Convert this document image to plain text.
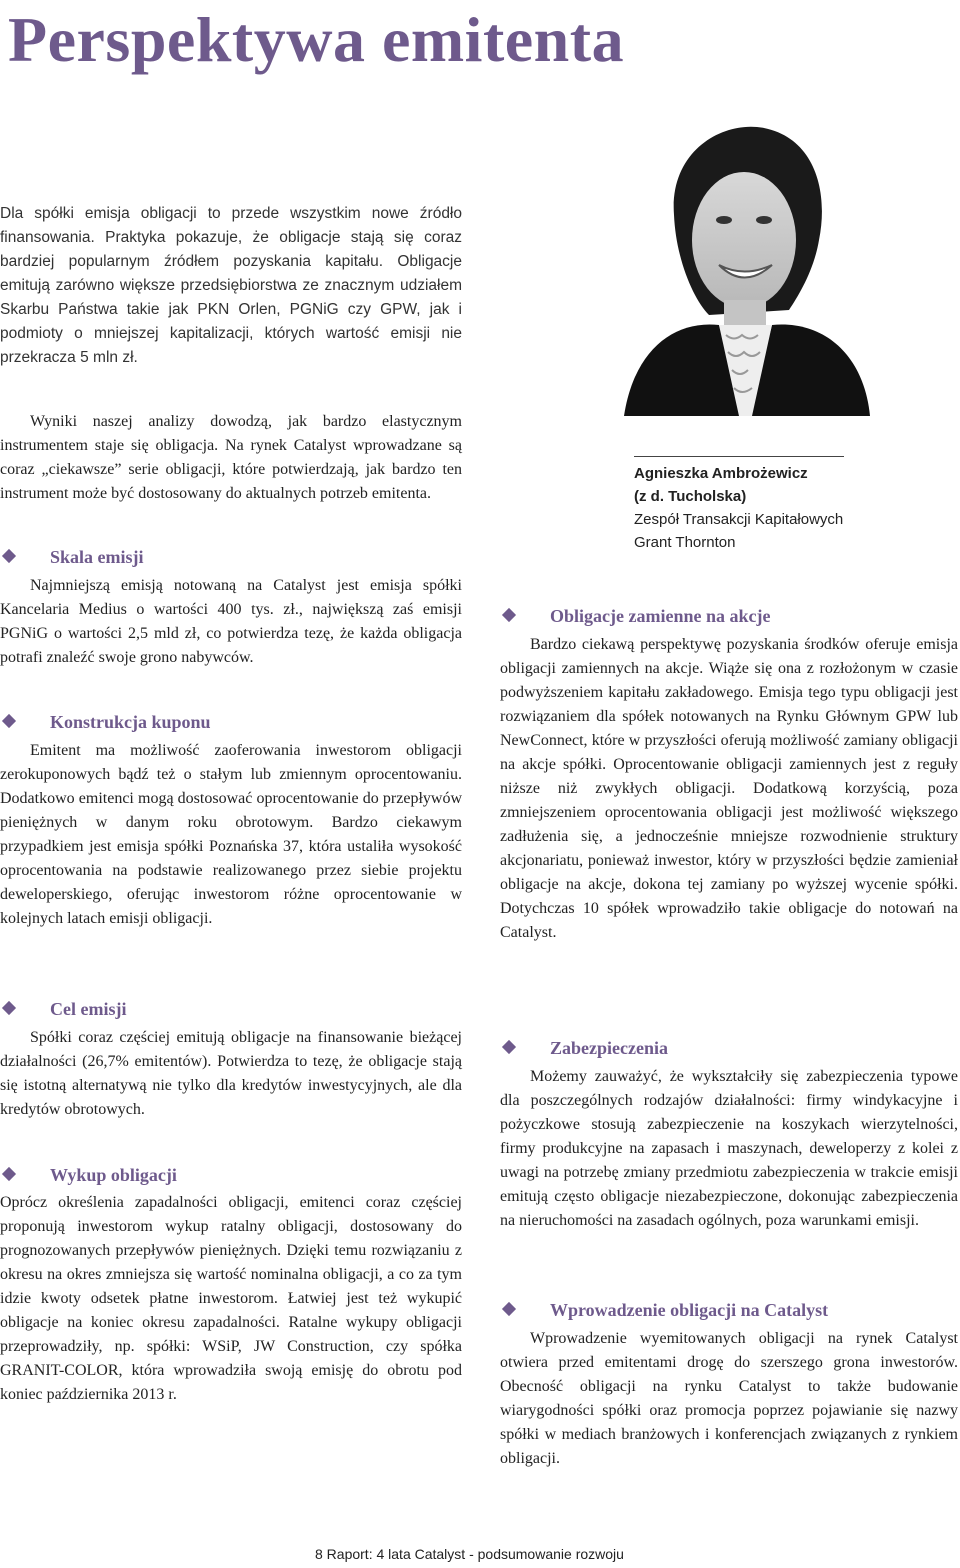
Perspektywa emitenta

Dla spółki emisja obligacji to przede wszystkim nowe źródło finansowania. Praktyka pokazuje, że obligacje stają się coraz bardziej popularnym źródłem pozyskania kapitału. Obligacje emitują zarówno większe przedsiębiorstwa ze znacznym udziałem Skarbu Państwa takie jak PKN Orlen, PGNiG czy GPW, jak i podmioty o mniejszej kapitalizacji, których wartość emisji nie przekracza 5 mln zł.

Wyniki naszej analizy dowodzą, jak bardzo elastycznym instrumentem staje się obligacja. Na rynek Catalyst wprowadzane są coraz „ciekawsze” serie obligacji, które potwierdzają, jak bardzo ten instrument może być dostosowany do aktualnych potrzeb emitenta.

Skala emisji

Najmniejszą emisją notowaną na Catalyst jest emisja spółki Kancelaria Medius o wartości 400 tys. zł., największą zaś emisji PGNiG o wartości 2,5 mld zł, co potwierdza tezę, że każda obligacja potrafi znaleźć swoje grono nabywców.

Konstrukcja kuponu

Emitent ma możliwość zaoferowania inwestorom obligacji zerokuponowych bądź też o stałym lub zmiennym oprocentowaniu. Dodatkowo emitenci mogą dostosować oprocentowanie do przepływów pieniężnych w danym roku obrotowym. Bardzo ciekawym przypadkiem jest emisja spółki Poznańska 37, która ustaliła wysokość oprocentowania na podstawie realizowanego przez siebie projektu deweloperskiego, oferując inwestorom różne oprocentowanie w kolejnych latach emisji obligacji.

Cel emisji

Spółki coraz częściej emitują obligacje na finansowanie bieżącej działalności (26,7% emitentów). Potwierdza to tezę, że obligacje stają się istotną alternatywą nie tylko dla kredytów inwestycyjnych, ale dla kredytów obrotowych.

Wykup obligacji

Oprócz określenia zapadalności obligacji, emitenci coraz częściej proponują inwestorom wykup ratalny obligacji, dostosowany do prognozowanych przepływów pieniężnych. Dzięki temu rozwiązaniu z okresu na okres zmniejsza się wartość nominalna obligacji, a co za tym idzie kwoty odsetek płatne inwestorom. Łatwiej jest też wykupić obligacje na koniec okresu zapadalności. Ratalne wykupy obligacji przeprowadziły, np. spółki: WSiP, JW Construction, czy spółka GRANIT-COLOR, która wprowadziła swoją emisję do obrotu pod koniec października 2013 r.

Agnieszka Ambrożewicz

(z d. Tucholska)

Zespół Transakcji Kapitałowych

Grant Thornton

Obligacje zamienne na akcje

Bardzo ciekawą perspektywę pozyskania środków oferuje emisja obligacji zamiennych na akcje. Wiąże się ona z rozłożonym w czasie podwyższeniem kapitału zakładowego. Emisja tego typu obligacji jest rozwiązaniem dla spółek notowanych na Rynku Głównym GPW lub NewConnect, które w przyszłości oferują możliwość zamiany obligacji na akcje spółki. Oprocentowanie obligacji zamiennych jest z reguły niższe niż zwykłych obligacji. Dodatkową korzyścią, poza zmniejszeniem oprocentowania obligacji jest możliwość większego zadłużenia się, a jednocześnie mniejsze rozwodnienie struktury akcjonariatu, ponieważ inwestor, który w przyszłości będzie zamieniał obligacje na akcje, dokona tej zamiany po wyższej wycenie spółki. Dotychczas 10 spółek wprowadziło takie obligacje do notowań na Catalyst.

Zabezpieczenia

Możemy zauważyć, że wykształciły się zabezpieczenia typowe dla poszczególnych rodzajów działalności: firmy windykacyjne i pożyczkowe stosują zabezpieczenie na koszykach wierzytelności, firmy produkcyjne na zapasach i maszynach, deweloperzy z kolei z uwagi na potrzebę zmiany przedmiotu zabezpieczenia w trakcie emisji emitują często obligacje niezabezpieczone, dokonując zabezpieczenia na nieruchomości na zasadach ogólnych, poza warunkami emisji.

Wprowadzenie obligacji na Catalyst

Wprowadzenie wyemitowanych obligacji na rynek Catalyst otwiera przed emitentami drogę do szerszego grona inwestorów. Obecność obligacji na rynku Catalyst to także budowanie wiarygodności spółki oraz promocja poprzez pojawianie się nazwy spółki w mediach branżowych i konferencjach związanych z rynkiem obligacji.

8 Raport: 4 lata Catalyst - podsumowanie rozwoju
